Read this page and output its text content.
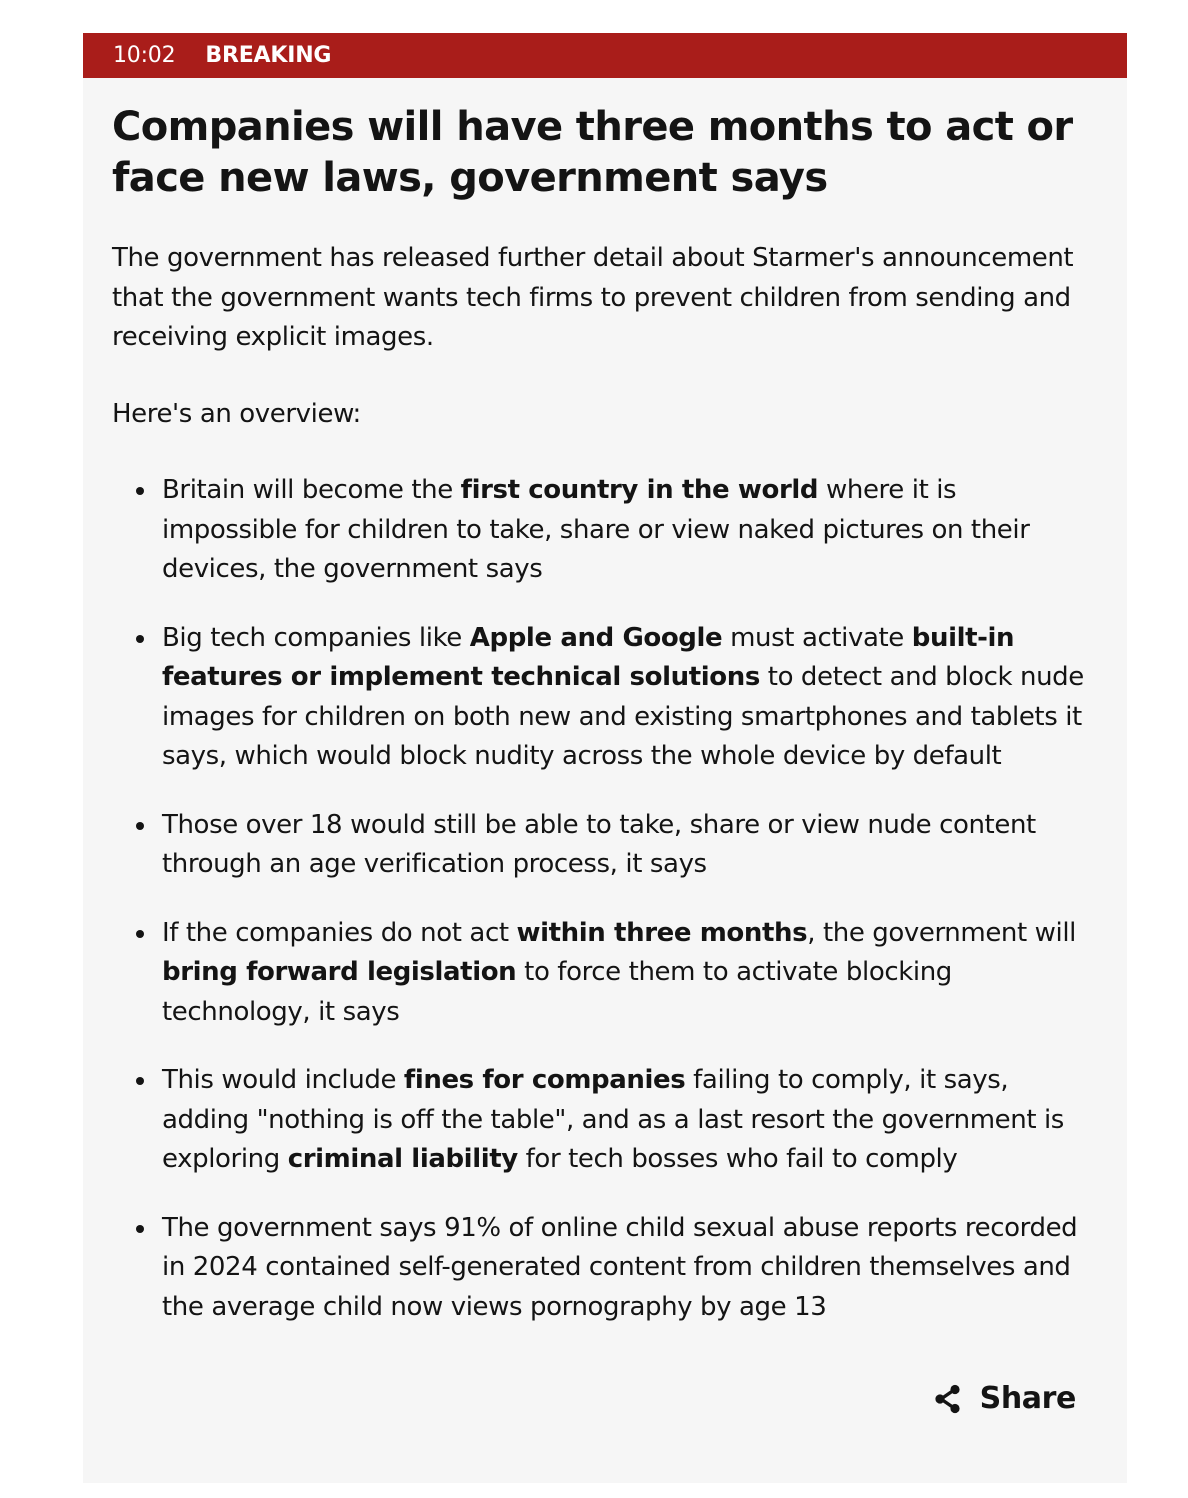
10:02 BREAKING
Companies will have three months to act or face new laws, government says

The government has released further detail about Starmer's announcement that the government wants tech firms to prevent children from sending and receiving explicit images.

Here's an overview:

Britain will become the first country in the world where it is impossible for children to take, share or view naked pictures on their devices, the government says
Big tech companies like Apple and Google must activate built-in features or implement technical solutions to detect and block nude images for children on both new and existing smartphones and tablets it says, which would block nudity across the whole device by default
Those over 18 would still be able to take, share or view nude content through an age verification process, it says
If the companies do not act within three months, the government will bring forward legislation to force them to activate blocking technology, it says
This would include fines for companies failing to comply, it says, adding "nothing is off the table", and as a last resort the government is exploring criminal liability for tech bosses who fail to comply
The government says 91% of online child sexual abuse reports recorded in 2024 contained self-generated content from children themselves and the average child now views pornography by age 13
Share
